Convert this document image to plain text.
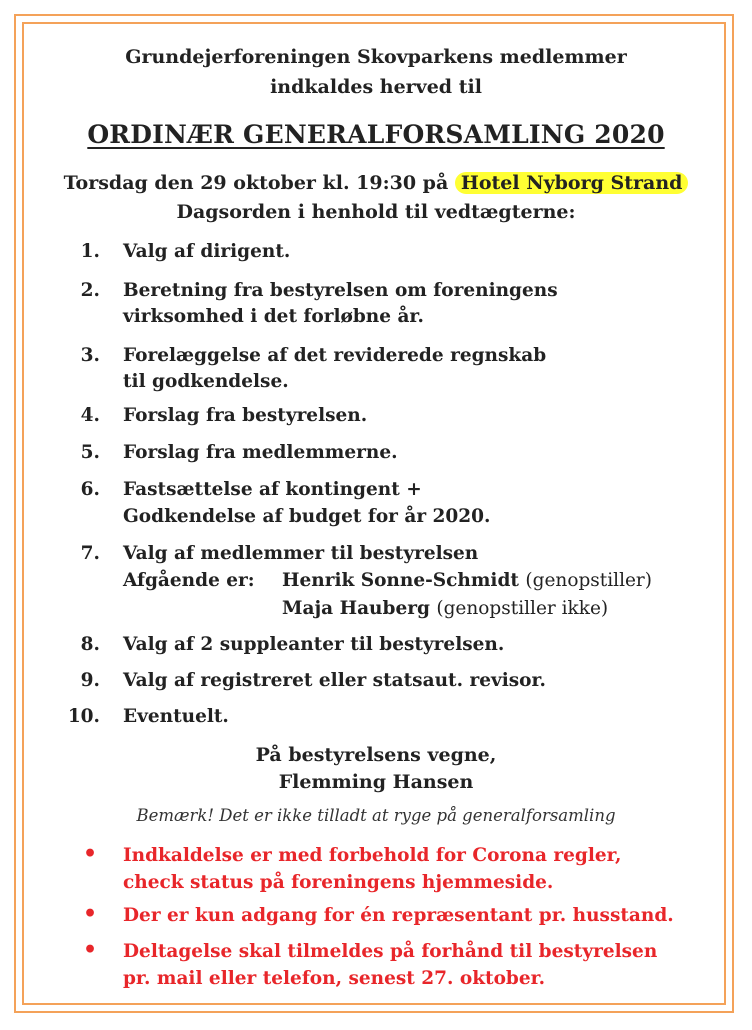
Grundejerforeningen Skovparkens medlemmer
indkaldes herved til
ORDINÆR GENERALFORSAMLING 2020
Torsdag den 29 oktober kl. 19:30 på Hotel Nyborg Strand
Dagsorden i henhold til vedtægterne:
1. Valg af dirigent.
2. Beretning fra bestyrelsen om foreningens
virksomhed i det forløbne år.
3. Forelæggelse af det reviderede regnskab
til godkendelse.
4. Forslag fra bestyrelsen.
5. Forslag fra medlemmerne.
6. Fastsættelse af kontingent +
Godkendelse af budget for år 2020.
7. Valg af medlemmer til bestyrelsen
Afgående er: Henrik Sonne-Schmidt (genopstiller)
Maja Hauberg (genopstiller ikke)
8. Valg af 2 suppleanter til bestyrelsen.
9. Valg af registreret eller statsaut. revisor.
10. Eventuelt.
På bestyrelsens vegne,
Flemming Hansen
Bemærk! Det er ikke tilladt at ryge på generalforsamling
• Indkaldelse er med forbehold for Corona regler,
check status på foreningens hjemmeside.
• Der er kun adgang for én repræsentant pr. husstand.
• Deltagelse skal tilmeldes på forhånd til bestyrelsen
pr. mail eller telefon, senest 27. oktober.
